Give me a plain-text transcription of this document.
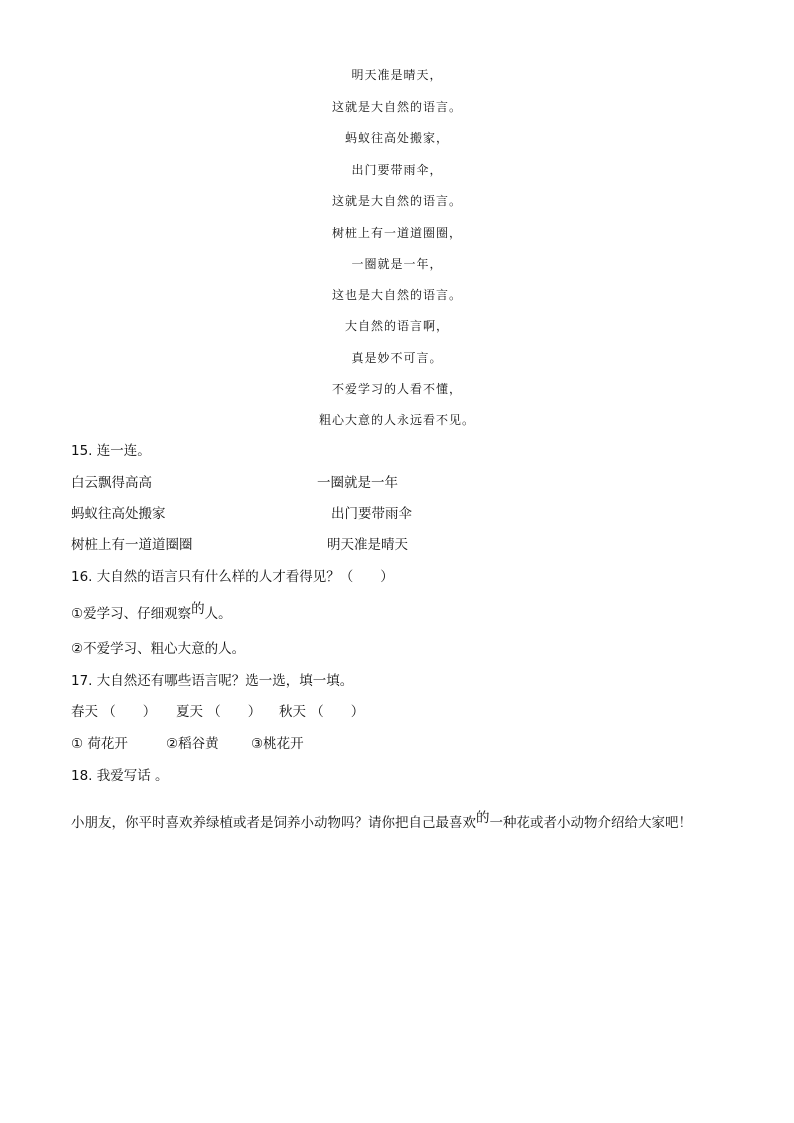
明天准是晴天，
这就是大自然的语言。
蚂蚁往高处搬家，
出门要带雨伞，
这就是大自然的语言。
树桩上有一道道圈圈，
一圈就是一年，
这也是大自然的语言。
大自然的语言啊，
真是妙不可言。
不爱学习的人看不懂，
粗心大意的人永远看不见。
15. 连一连。
白云飘得高高	一圈就是一年
蚂蚁往高处搬家	出门要带雨伞
树桩上有一道道圈圈	明天准是晴天
16. 大自然的语言只有什么样的人才看得见？（　　）
①爱学习、仔细观察的人。
②不爱学习、粗心大意的人。
17. 大自然还有哪些语言呢？选一选，填一填。
春天 （　　） 夏天 （　　） 秋天 （　　）
① 荷花开	②稻谷黄 ③桃花开
18. 我爱写话 。
小朋友，你平时喜欢养绿植或者是饲养小动物吗？请你把自己最喜欢的一种花或者小动物介绍给大家吧！
